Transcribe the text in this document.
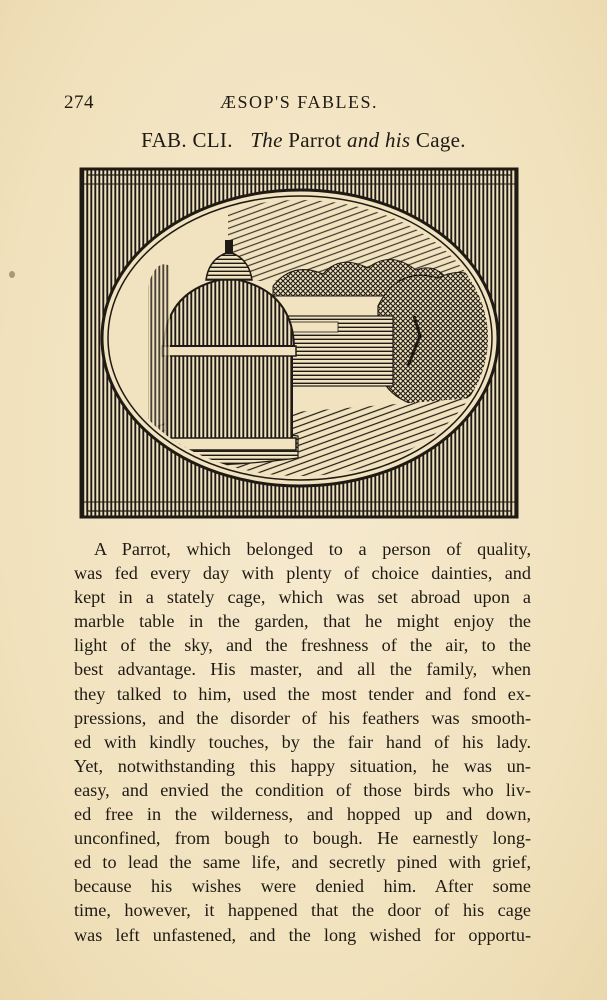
274	ÆSOP'S FABLES.
FAB. CLI. The Parrot and his Cage.
A Parrot, which belonged to a person of quality,
was fed every day with plenty of choice dainties, and
kept in a stately cage, which was set abroad upon a
marble table in the garden, that he might enjoy the
light of the sky, and the freshness of the air, to the
best advantage. His master, and all the family, when
they talked to him, used the most tender and fond ex-
pressions, and the disorder of his feathers was smooth-
ed with kindly touches, by the fair hand of his lady.
Yet, notwithstanding this happy situation, he was un-
easy, and envied the condition of those birds who liv-
ed free in the wilderness, and hopped up and down,
unconfined, from bough to bough. He earnestly long-
ed to lead the same life, and secretly pined with grief,
because his wishes were denied him. After some
time, however, it happened that the door of his cage
was left unfastened, and the long wished for opportu-
